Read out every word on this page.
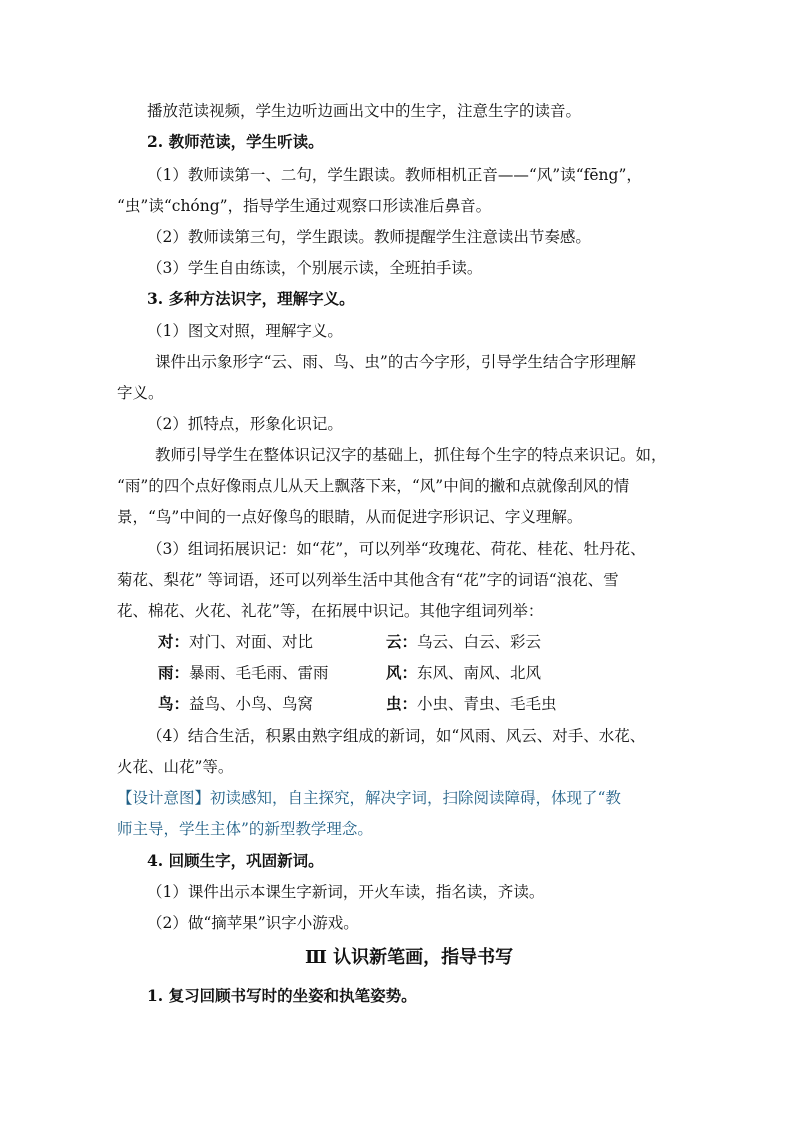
播放范读视频，学生边听边画出文中的生字，注意生字的读音。
2. 教师范读，学生听读。
（1）教师读第一、二句，学生跟读。教师相机正音——“风”读“fēng”，
“虫”读“chóng”，指导学生通过观察口形读准后鼻音。
（2）教师读第三句，学生跟读。教师提醒学生注意读出节奏感。
（3）学生自由练读，个别展示读，全班拍手读。
3. 多种方法识字，理解字义。
（1）图文对照，理解字义。
课件出示象形字“云、雨、鸟、虫”的古今字形，引导学生结合字形理解
字义。
（2）抓特点，形象化识记。
教师引导学生在整体识记汉字的基础上，抓住每个生字的特点来识记。如，
“雨”的四个点好像雨点儿从天上飘落下来，“风”中间的撇和点就像刮风的情
景，“鸟”中间的一点好像鸟的眼睛，从而促进字形识记、字义理解。
（3）组词拓展识记：如“花”，可以列举“玫瑰花、荷花、桂花、牡丹花、
菊花、梨花” 等词语，还可以列举生活中其他含有“花”字的词语“浪花、雪
花、棉花、火花、礼花”等，在拓展中识记。其他字组词列举：
对：对门、对面、对比	云：乌云、白云、彩云
雨：暴雨、毛毛雨、雷雨	风：东风、南风、北风
鸟：益鸟、小鸟、鸟窝	虫：小虫、青虫、毛毛虫
（4）结合生活，积累由熟字组成的新词，如“风雨、风云、对手、水花、
火花、山花”等。
【设计意图】初读感知，自主探究，解决字词，扫除阅读障碍，体现了“教
师主导，学生主体”的新型教学理念。
4. 回顾生字，巩固新词。
（1）课件出示本课生字新词，开火车读，指名读，齐读。
（2）做“摘苹果”识字小游戏。
Ⅲ 认识新笔画，指导书写
1. 复习回顾书写时的坐姿和执笔姿势。
